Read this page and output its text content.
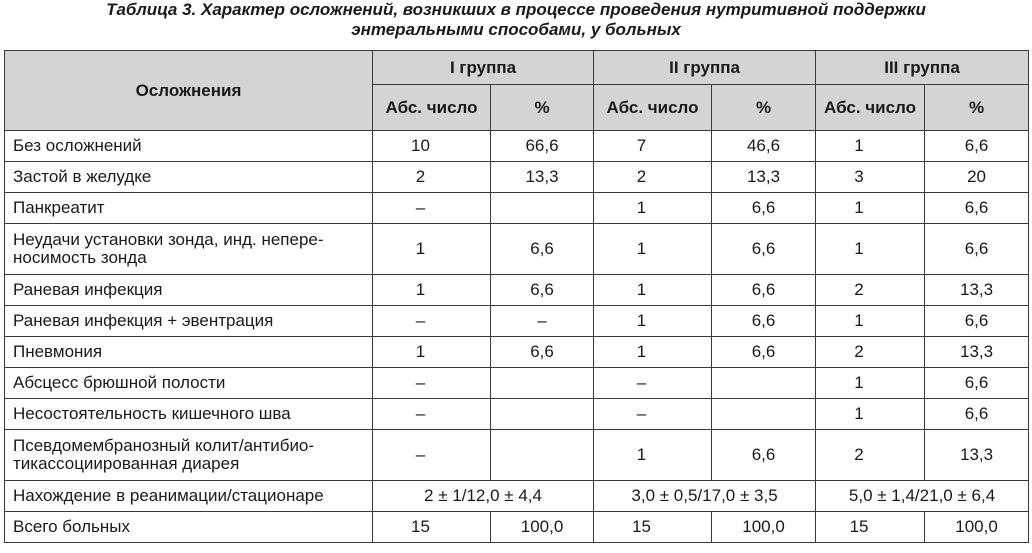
Таблица 3. Характер осложнений, возникших в процессе проведения нутритивной поддержки
энтеральными способами, у больных
Осложнения	I группа		II группа		III группа	
	Абс. число	%	Абс. число	%	Абс. число	%
Без осложнений	10	66,6	7	46,6	1	6,6
Застой в желудке	2	13,3	2	13,3	3	20
Панкреатит	–		1	6,6	1	6,6
Неудачи установки зонда, инд. непере-носимость зонда	1	6,6	1	6,6	1	6,6
Раневая инфекция	1	6,6	1	6,6	2	13,3
Раневая инфекция + эвентрация	–	–	1	6,6	1	6,6
Пневмония	1	6,6	1	6,6	2	13,3
Абсцесс брюшной полости	–		–		1	6,6
Несостоятельность кишечного шва	–		–		1	6,6
Псевдомембранозный колит/антибио-тикассоциированная диарея	–		1	6,6	2	13,3
Нахождение в реанимации/стационаре	2 ± 1/12,0 ± 4,4		3,0 ± 0,5/17,0 ± 3,5		5,0 ± 1,4/21,0 ± 6,4	
Всего больных	15	100,0	15	100,0	15	100,0
